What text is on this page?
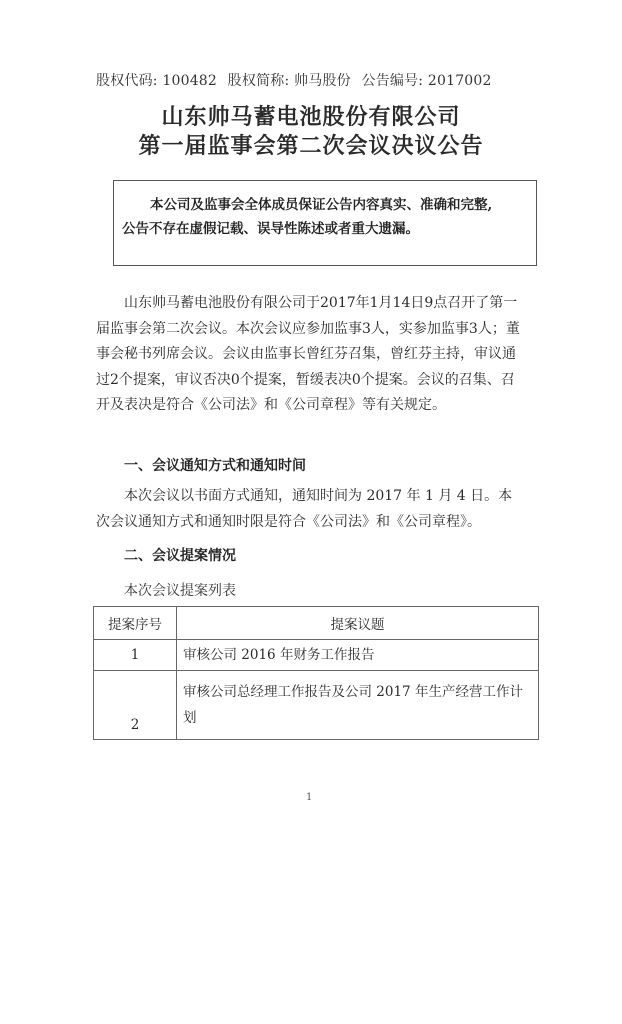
股权代码: 100482 股权简称: 帅马股份 公告编号: 2017002
山东帅马蓄电池股份有限公司
第一届监事会第二次会议决议公告
本公司及监事会全体成员保证公告内容真实、准确和完整,
公告不存在虚假记载、误导性陈述或者重大遗漏。
山东帅马蓄电池股份有限公司于2017年1月14日9点召开了第一
届监事会第二次会议。本次会议应参加监事3人，实参加监事3人；董
事会秘书列席会议。会议由监事长曾红芬召集，曾红芬主持，审议通
过2个提案，审议否决0个提案，暂缓表决0个提案。会议的召集、召
开及表决是符合《公司法》和《公司章程》等有关规定。
一、会议通知方式和通知时间
本次会议以书面方式通知，通知时间为 2017 年 1 月 4 日。本
次会议通知方式和通知时限是符合《公司法》和《公司章程》。
二、会议提案情况
本次会议提案列表
提案序号	提案议题
1	审核公司 2016 年财务工作报告

2	审核公司总经理工作报告及公司 2017 年生产经营工作计
划
1
